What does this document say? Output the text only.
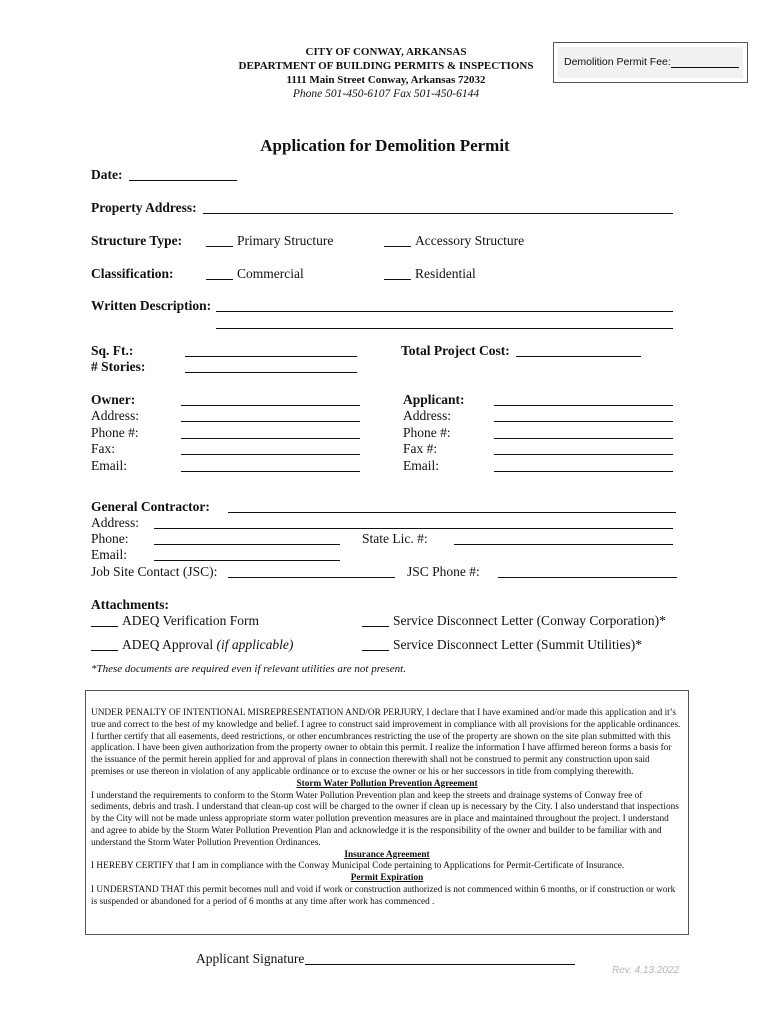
CITY OF CONWAY, ARKANSAS
DEPARTMENT OF BUILDING PERMITS & INSPECTIONS
1111 Main Street Conway, Arkansas 72032
Phone 501-450-6107 Fax 501-450-6144
Demolition Permit Fee:
Application for Demolition Permit
Date:
Property Address:
Structure Type:	Primary Structure	Accessory Structure
Classification:	Commercial	Residential
Written Description:
Sq. Ft.:
# Stories:
Total Project Cost:
Owner:
Address:
Phone #:
Fax:
Email:
Applicant:
Address:
Phone #:
Fax #:
Email:
General Contractor:
Address:
Phone:	State Lic. #:
Email:
Job Site Contact (JSC):	JSC Phone #:
Attachments:
ADEQ Verification Form	Service Disconnect Letter (Conway Corporation)*
ADEQ Approval (if applicable)	Service Disconnect Letter (Summit Utilities)*
*These documents are required even if relevant utilities are not present.

UNDER PENALTY OF INTENTIONAL MISREPRESENTATION AND/OR PERJURY, I declare that I have examined and/or made this application and it’s true and correct to the best of my knowledge and belief. I agree to construct said improvement in compliance with all provisions for the applicable ordinances. I further certify that all easements, deed restrictions, or other encumbrances restricting the use of the property are shown on the site plan submitted with this application. I have been given authorization from the property owner to obtain this permit. I realize the information I have affirmed hereon forms a basis for the issuance of the permit herein applied for and approval of plans in connection therewith shall not be construed to permit any construction upon said premises or use thereon in violation of any applicable ordinance or to excuse the owner or his or her successors in title from complying therewith.

Storm Water Pollution Prevention Agreement

I understand the requirements to conform to the Storm Water Pollution Prevention plan and keep the streets and drainage systems of Conway free of sediments, debris and trash. I understand that clean-up cost will be charged to the owner if clean up is necessary by the City. I also understand that inspections by the City will not be made unless appropriate storm water pollution prevention measures are in place and maintained throughout the project. I understand and agree to abide by the Storm Water Pollution Prevention Plan and acknowledge it is the responsibility of the owner and builder to be familiar with and understand the Storm Water Pollution Prevention Ordinances.

Insurance Agreement

I HEREBY CERTIFY that I am in compliance with the Conway Municipal Code pertaining to Applications for Permit-Certificate of Insurance.

Permit Expiration

I UNDERSTAND THAT this permit becomes null and void if work or construction authorized is not commenced within 6 months, or if construction or work is suspended or abandoned for a period of 6 months at any time after work has commenced .

Applicant Signature
Rev. 4.13.2022
